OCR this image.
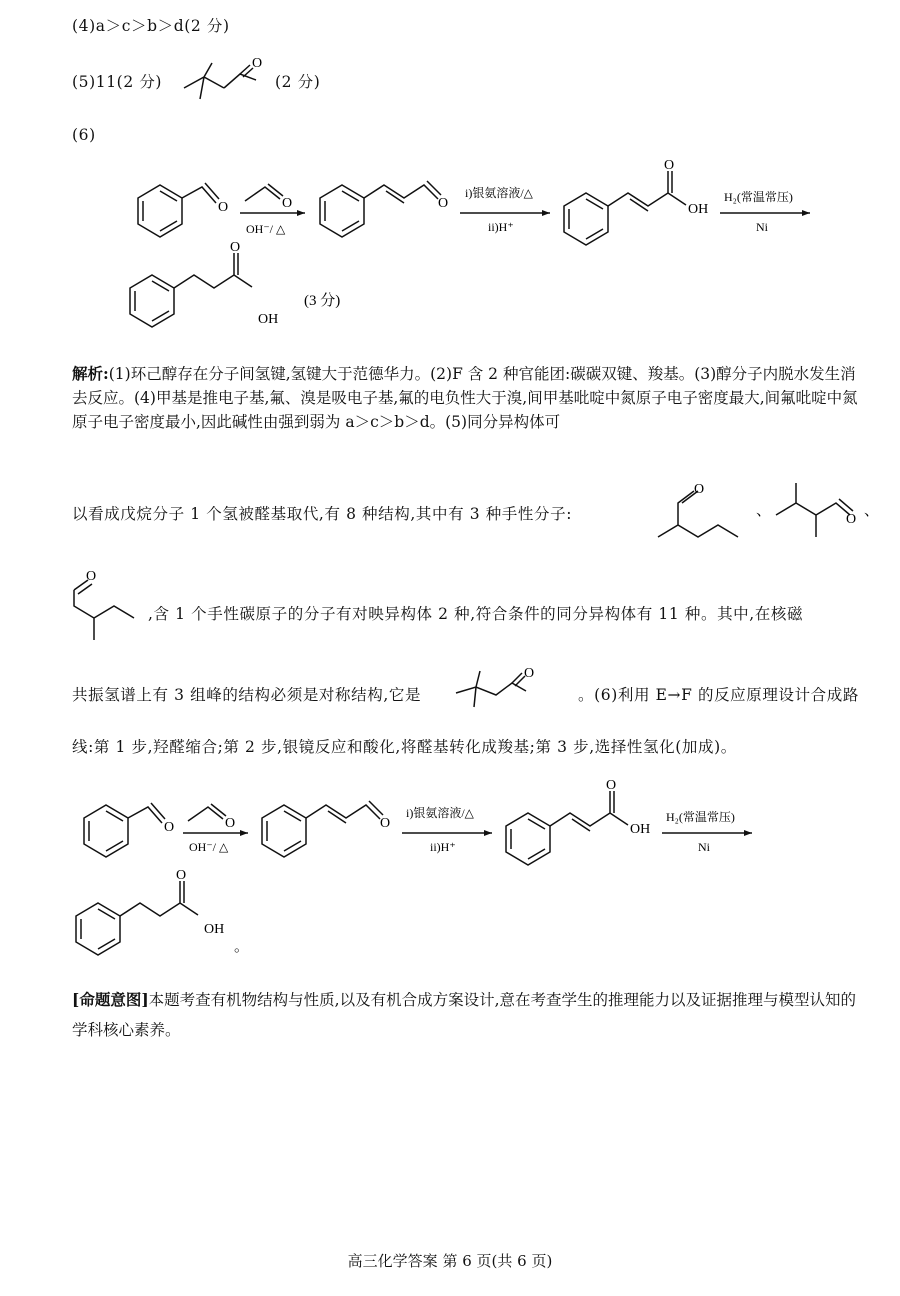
(4)a＞c＞b＞d(2 分)
(5)11(2 分)
O
(2 分)
(6)
O	O
OH⁻/ △
O
i)银氨溶液/△
ii)H⁺
O
OH
H₂(常温常压)
Ni
O
OH
(3 分)
解析:(1)环己醇存在分子间氢键,氢键大于范德华力。(2)F 含 2 种官能团:碳碳双键、羧基。(3)醇分子内脱水发生消去反应。(4)甲基是推电子基,氟、溴是吸电子基,氟的电负性大于溴,间甲基吡啶中氮原子电子密度最大,间氟吡啶中氮原子电子密度最小,因此碱性由强到弱为 a＞c＞b＞d。(5)同分异构体可
以看成戊烷分子 1 个氢被醛基取代,有 8 种结构,其中有 3 种手性分子:
O
、
O
、
O
,含 1 个手性碳原子的分子有对映异构体 2 种,符合条件的同分异构体有 11 种。其中,在核磁
共振氢谱上有 3 组峰的结构必须是对称结构,它是
O
。(6)利用 E→F 的反应原理设计合成路
线:第 1 步,羟醛缩合;第 2 步,银镜反应和酸化,将醛基转化成羧基;第 3 步,选择性氢化(加成)。
O	O
OH⁻/ △
O
i)银氨溶液/△
ii)H⁺
O
OH
H₂(常温常压)
Ni
O
OH
。
[命题意图]本题考查有机物结构与性质,以及有机合成方案设计,意在考查学生的推理能力以及证据推理与模型认知的学科核心素养。
高三化学答案 第 6 页(共 6 页)
